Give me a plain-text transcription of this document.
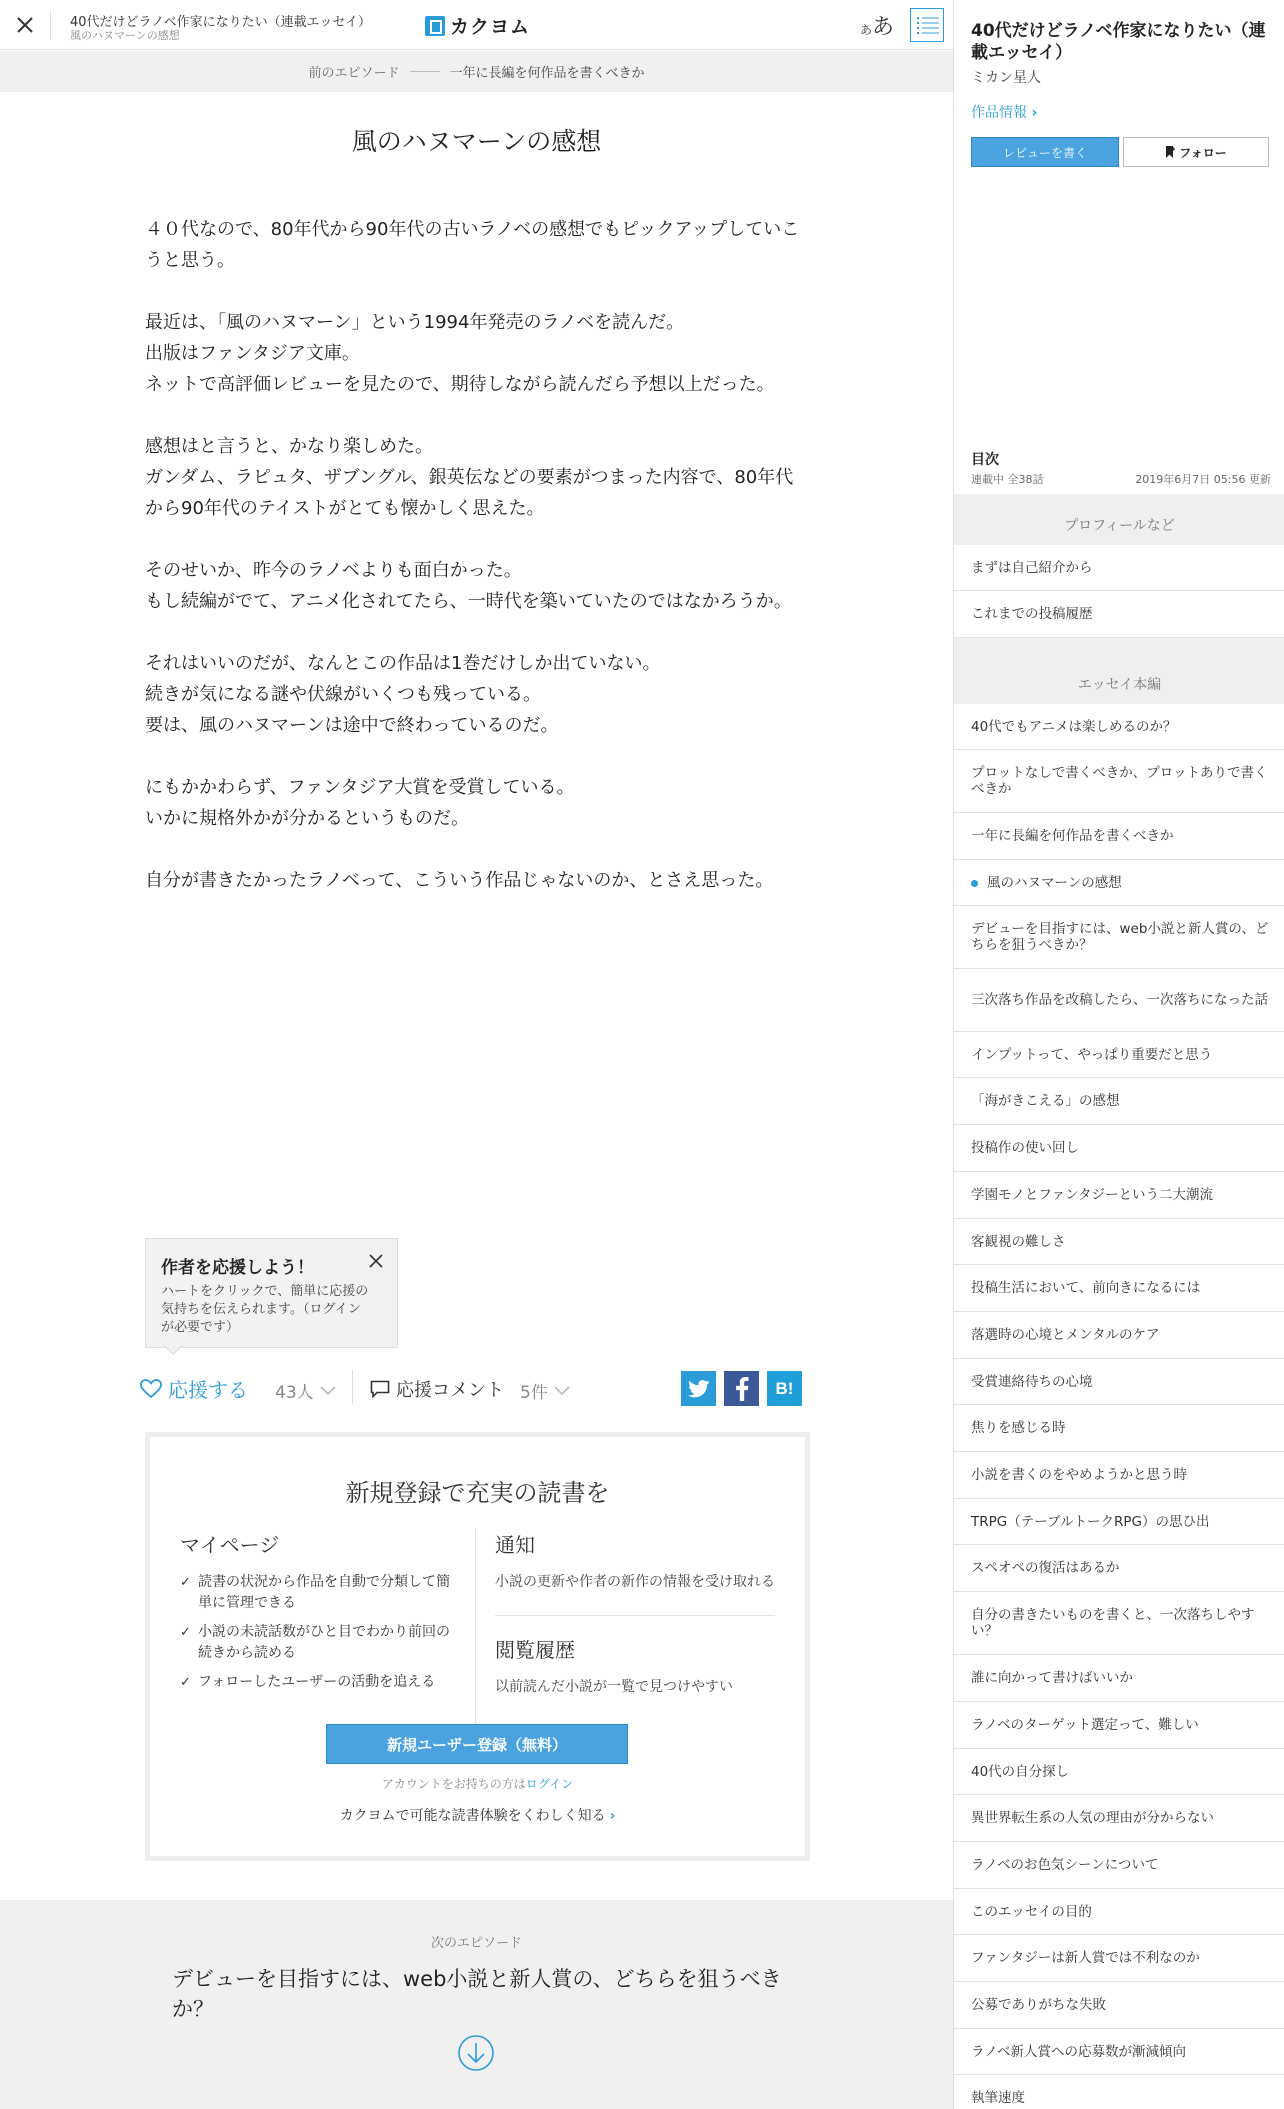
40代だけどラノベ作家になりたい（連載エッセイ）
風のハヌマーンの感想	カクヨム	ああ
前のエピソード	一年に長編を何作品を書くべきか
風のハヌマーンの感想

４０代なので、80年代から90年代の古いラノベの感想でもピックアップしていこうと思う。

最近は、「風のハヌマーン」という1994年発売のラノベを読んだ。

出版はファンタジア文庫。

ネットで高評価レビューを見たので、期待しながら読んだら予想以上だった。

感想はと言うと、かなり楽しめた。

ガンダム、ラピュタ、ザブングル、銀英伝などの要素がつまった内容で、80年代から90年代のテイストがとても懐かしく思えた。

そのせいか、昨今のラノベよりも面白かった。

もし続編がでて、アニメ化されてたら、一時代を築いていたのではなかろうか。

それはいいのだが、なんとこの作品は1巻だけしか出ていない。

続きが気になる謎や伏線がいくつも残っている。

要は、風のハヌマーンは途中で終わっているのだ。

にもかかわらず、ファンタジア大賞を受賞している。

いかに規格外かが分かるというものだ。

自分が書きたかったラノベって、こういう作品じゃないのか、とさえ思った。

作者を応援しよう！
ハートをクリックで、簡単に応援の気持ちを伝えられます。（ログインが必要です）
応援する 43人	応援コメント 5件	B!
新規登録で充実の読書を
マイページ
✓ 読書の状況から作品を自動で分類して簡単に管理できる
✓ 小説の未読話数がひと目でわかり前回の続きから読める
✓ フォローしたユーザーの活動を追える
通知
小説の更新や作者の新作の情報を受け取れる
閲覧履歴
以前読んだ小説が一覧で見つけやすい
新規ユーザー登録（無料）
アカウントをお持ちの方はログイン
カクヨムで可能な読書体験をくわしく知る ›
次のエピソード
デビューを目指すには、web小説と新人賞の、どちらを狙うべきか？
40代だけどラノベ作家になりたい（連載エッセイ）
ミカン星人
作品情報 ›
レビューを書く	フォロー
目次
連載中 全38話	2019年6月7日 05:56 更新
プロフィールなど
まずは自己紹介から
これまでの投稿履歴
エッセイ本編
40代でもアニメは楽しめるのか？
プロットなしで書くべきか、プロットありで書くべきか
一年に長編を何作品を書くべきか
風のハヌマーンの感想
デビューを目指すには、web小説と新人賞の、どちらを狙うべきか？
三次落ち作品を改稿したら、一次落ちになった話
インプットって、やっぱり重要だと思う
「海がきこえる」の感想
投稿作の使い回し
学園モノとファンタジーという二大潮流
客観視の難しさ
投稿生活において、前向きになるには
落選時の心境とメンタルのケア
受賞連絡待ちの心境
焦りを感じる時
小説を書くのをやめようかと思う時
TRPG（テーブルトークRPG）の思ひ出
スペオペの復活はあるか
自分の書きたいものを書くと、一次落ちしやすい？
誰に向かって書けばいいか
ラノベのターゲット選定って、難しい
40代の自分探し
異世界転生系の人気の理由が分からない
ラノベのお色気シーンについて
このエッセイの目的
ファンタジーは新人賞では不利なのか
公募でありがちな失敗
ラノベ新人賞への応募数が漸減傾向
執筆速度
